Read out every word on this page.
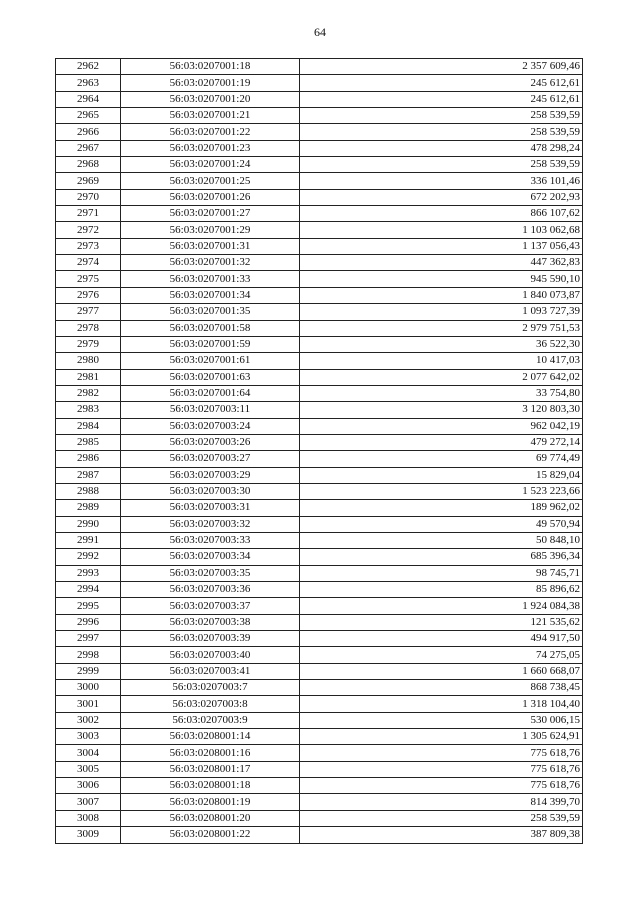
64
2962	56:03:0207001:18	2 357 609,46
2963	56:03:0207001:19	245 612,61
2964	56:03:0207001:20	245 612,61
2965	56:03:0207001:21	258 539,59
2966	56:03:0207001:22	258 539,59
2967	56:03:0207001:23	478 298,24
2968	56:03:0207001:24	258 539,59
2969	56:03:0207001:25	336 101,46
2970	56:03:0207001:26	672 202,93
2971	56:03:0207001:27	866 107,62
2972	56:03:0207001:29	1 103 062,68
2973	56:03:0207001:31	1 137 056,43
2974	56:03:0207001:32	447 362,83
2975	56:03:0207001:33	945 590,10
2976	56:03:0207001:34	1 840 073,87
2977	56:03:0207001:35	1 093 727,39
2978	56:03:0207001:58	2 979 751,53
2979	56:03:0207001:59	36 522,30
2980	56:03:0207001:61	10 417,03
2981	56:03:0207001:63	2 077 642,02
2982	56:03:0207001:64	33 754,80
2983	56:03:0207003:11	3 120 803,30
2984	56:03:0207003:24	962 042,19
2985	56:03:0207003:26	479 272,14
2986	56:03:0207003:27	69 774,49
2987	56:03:0207003:29	15 829,04
2988	56:03:0207003:30	1 523 223,66
2989	56:03:0207003:31	189 962,02
2990	56:03:0207003:32	49 570,94
2991	56:03:0207003:33	50 848,10
2992	56:03:0207003:34	685 396,34
2993	56:03:0207003:35	98 745,71
2994	56:03:0207003:36	85 896,62
2995	56:03:0207003:37	1 924 084,38
2996	56:03:0207003:38	121 535,62
2997	56:03:0207003:39	494 917,50
2998	56:03:0207003:40	74 275,05
2999	56:03:0207003:41	1 660 668,07
3000	56:03:0207003:7	868 738,45
3001	56:03:0207003:8	1 318 104,40
3002	56:03:0207003:9	530 006,15
3003	56:03:0208001:14	1 305 624,91
3004	56:03:0208001:16	775 618,76
3005	56:03:0208001:17	775 618,76
3006	56:03:0208001:18	775 618,76
3007	56:03:0208001:19	814 399,70
3008	56:03:0208001:20	258 539,59
3009	56:03:0208001:22	387 809,38
